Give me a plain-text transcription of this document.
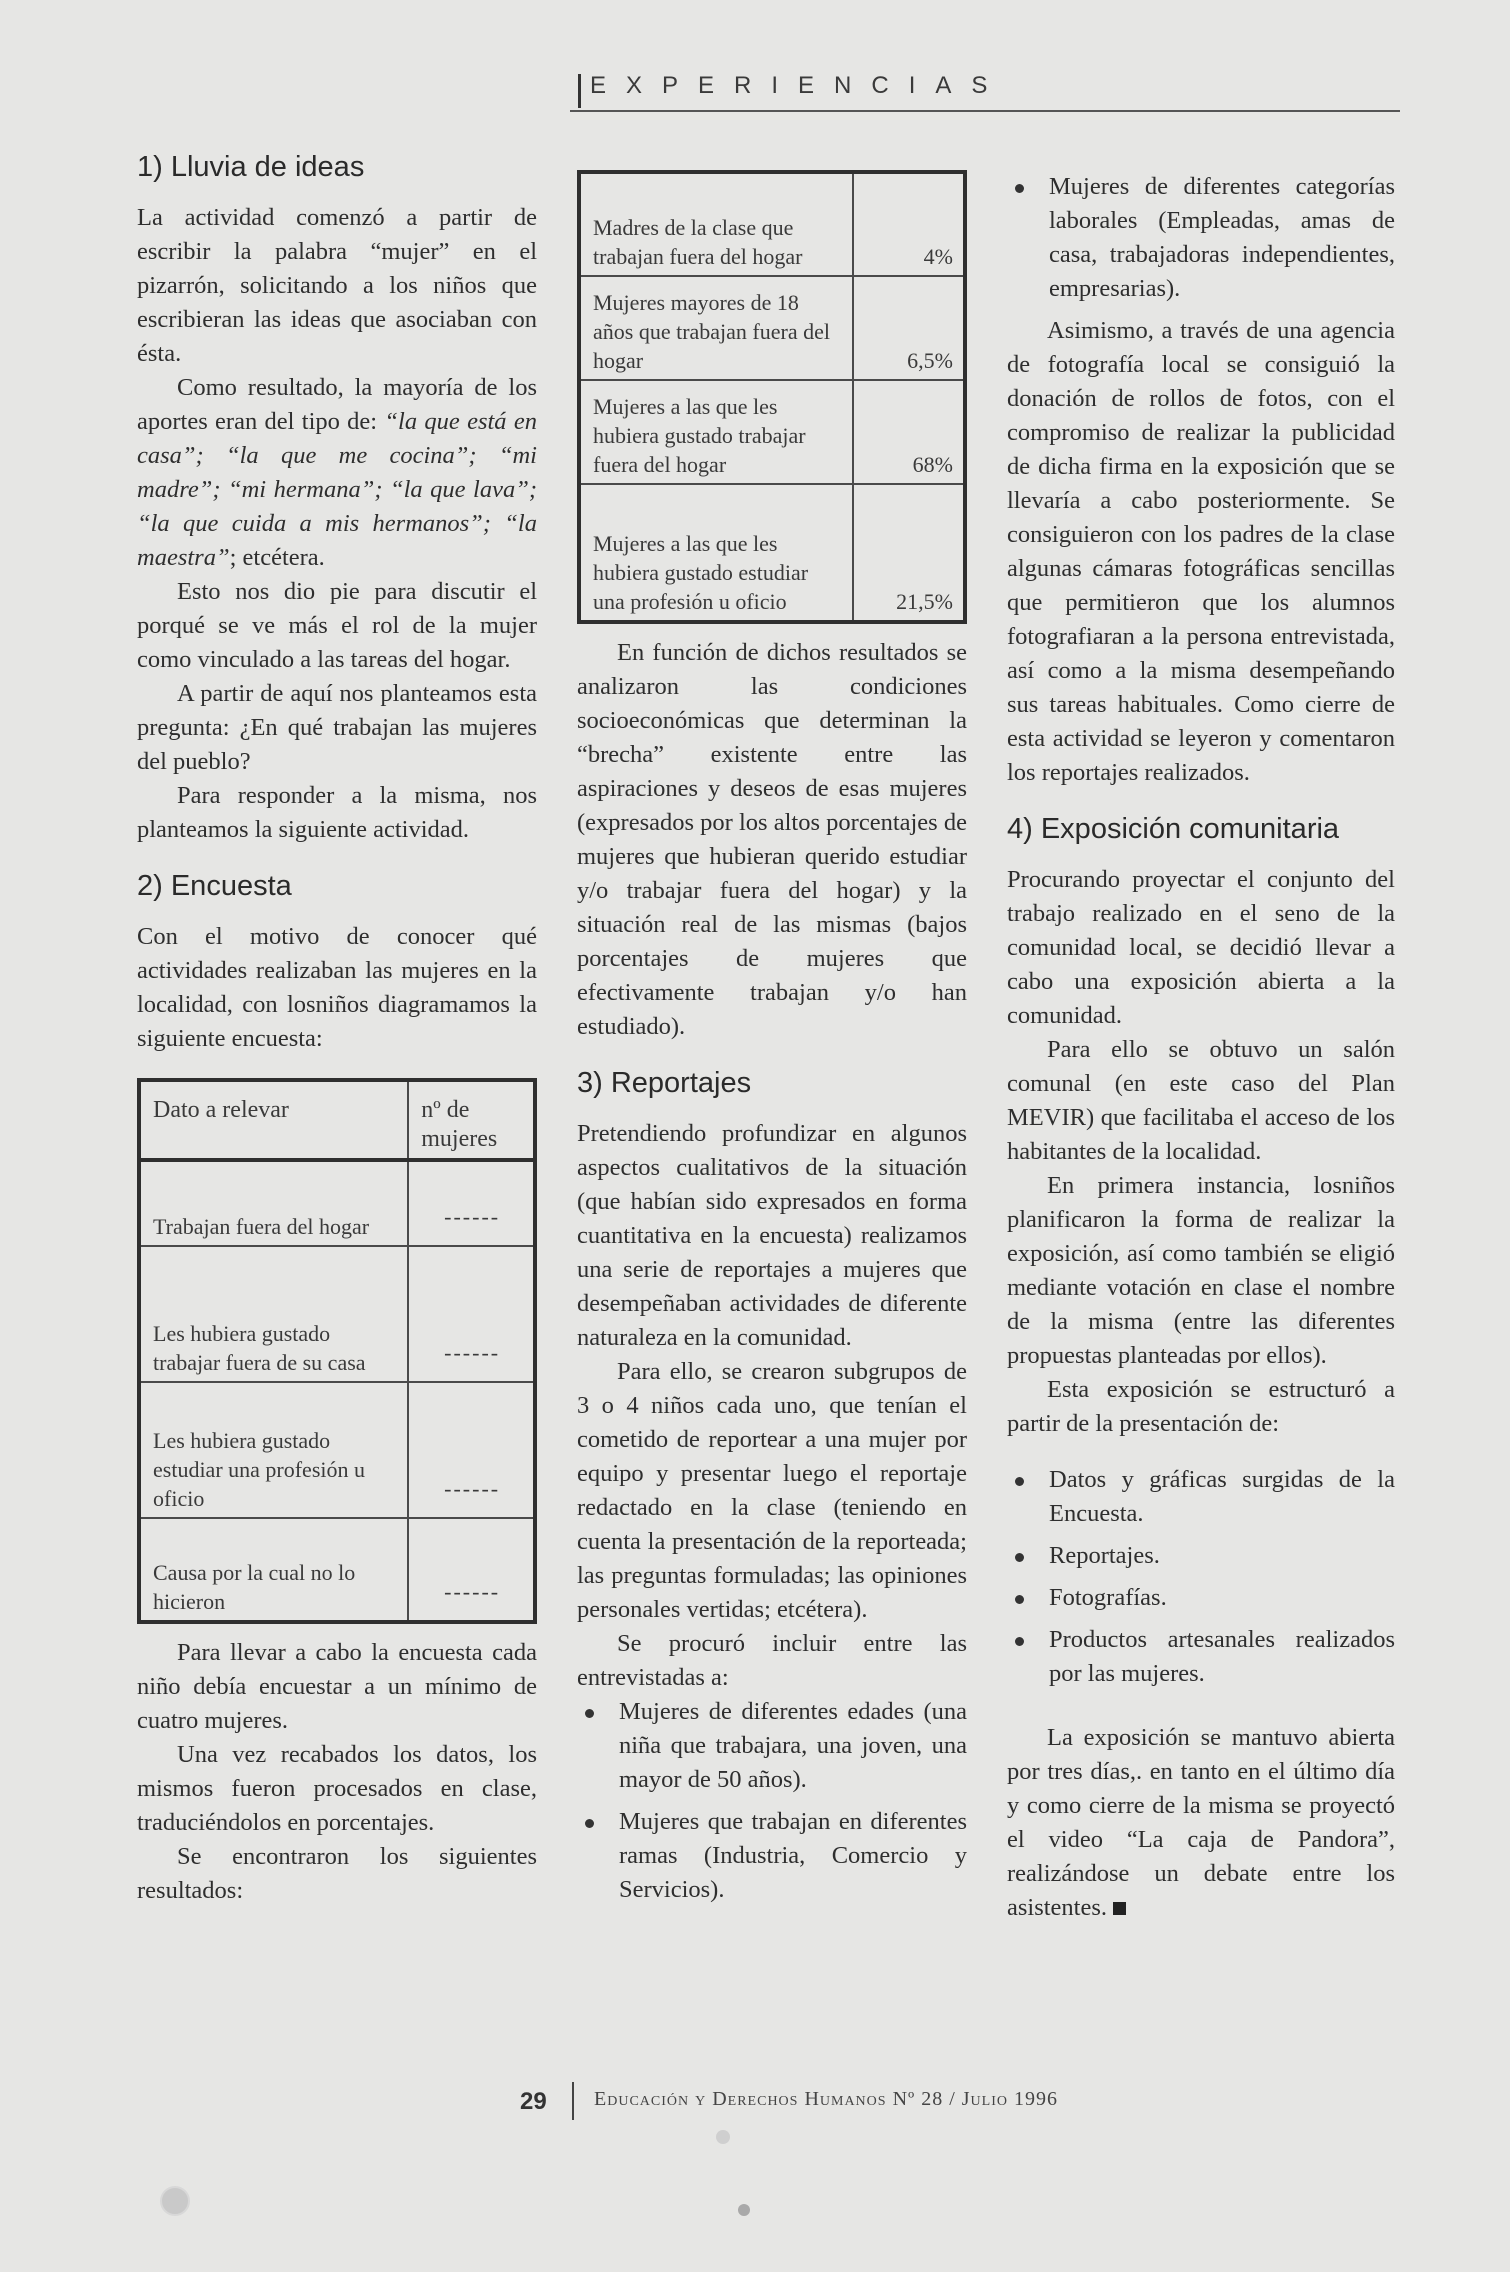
EXPERIENCIAS
1) Lluvia de ideas

La actividad comenzó a partir de escribir la palabra “mujer” en el pizarrón, solicitando a los niños que escribieran las ideas que asociaban con ésta.

Como resultado, la mayoría de los aportes eran del tipo de: “la que está en casa”; “la que me cocina”; “mi madre”; “mi hermana”; “la que lava”; “la que cuida a mis hermanos”; “la maestra”; etcétera.

Esto nos dio pie para discutir el porqué se ve más el rol de la mujer como vinculado a las tareas del hogar.

A partir de aquí nos planteamos esta pregunta: ¿En qué trabajan las mujeres del pueblo?

Para responder a la misma, nos planteamos la siguiente actividad.

2) Encuesta

Con el motivo de conocer qué actividades realizaban las mujeres en la localidad, con losniños diagramamos la siguiente encuesta:

Dato a relevar	nº de mujeres
Trabajan fuera del hogar	------
Les hubiera gustado trabajar fuera de su casa	------
Les hubiera gustado estudiar una profesión u oficio	------
Causa por la cual no lo hicieron	------

Para llevar a cabo la encuesta cada niño debía encuestar a un mínimo de cuatro mujeres.

Una vez recabados los datos, los mismos fueron procesados en clase, traduciéndolos en porcentajes.

Se encontraron los siguientes resultados:

Madres de la clase que trabajan fuera del hogar	4%
Mujeres mayores de 18 años que trabajan fuera del hogar	6,5%
Mujeres a las que les hubiera gustado trabajar fuera del hogar	68%
Mujeres a las que les hubiera gustado estudiar una profesión u oficio	21,5%

En función de dichos resultados se analizaron las condiciones socioeconómicas que determinan la “brecha” existente entre las aspiraciones y deseos de esas mujeres (expresados por los altos porcentajes de mujeres que hubieran querido estudiar y/o trabajar fuera del hogar) y la situación real de las mismas (bajos porcentajes de mujeres que efectivamente trabajan y/o han estudiado).

3) Reportajes

Pretendiendo profundizar en algunos aspectos cualitativos de la situación (que habían sido expresados en forma cuantitativa en la encuesta) realizamos una serie de reportajes a mujeres que desempeñaban actividades de diferente naturaleza en la comunidad.

Para ello, se crearon subgrupos de 3 o 4 niños cada uno, que tenían el cometido de reportear a una mujer por equipo y presentar luego el reportaje redactado en la clase (teniendo en cuenta la presentación de la reporteada; las preguntas formuladas; las opiniones personales vertidas; etcétera).

Se procuró incluir entre las entrevistadas a:

Mujeres de diferentes edades (una niña que trabajara, una joven, una mayor de 50 años).
Mujeres que trabajan en diferentes ramas (Industria, Comercio y Servicios).
Mujeres de diferentes categorías laborales (Empleadas, amas de casa, trabajadoras independientes, empresarias).

Asimismo, a través de una agencia de fotografía local se consiguió la donación de rollos de fotos, con el compromiso de realizar la publicidad de dicha firma en la exposición que se llevaría a cabo posteriormente. Se consiguieron con los padres de la clase algunas cámaras fotográficas sencillas que permitieron que los alumnos fotografiaran a la persona entrevistada, así como a la misma desempeñando sus tareas habituales. Como cierre de esta actividad se leyeron y comentaron los reportajes realizados.

4) Exposición comunitaria

Procurando proyectar el conjunto del trabajo realizado en el seno de la comunidad local, se decidió llevar a cabo una exposición abierta a la comunidad.

Para ello se obtuvo un salón comunal (en este caso del Plan MEVIR) que facilitaba el acceso de los habitantes de la localidad.

En primera instancia, losniños planificaron la forma de realizar la exposición, así como también se eligió mediante votación en clase el nombre de la misma (entre las diferentes propuestas planteadas por ellos).

Esta exposición se estructuró a partir de la presentación de:

Datos y gráficas surgidas de la Encuesta.
Reportajes.
Fotografías.
Productos artesanales realizados por las mujeres.

La exposición se mantuvo abierta por tres días,. en tanto en el último día y como cierre de la misma se proyectó el video “La caja de Pandora”, realizándose un debate entre los asistentes.

29 Educación y Derechos Humanos Nº 28 / Julio 1996
